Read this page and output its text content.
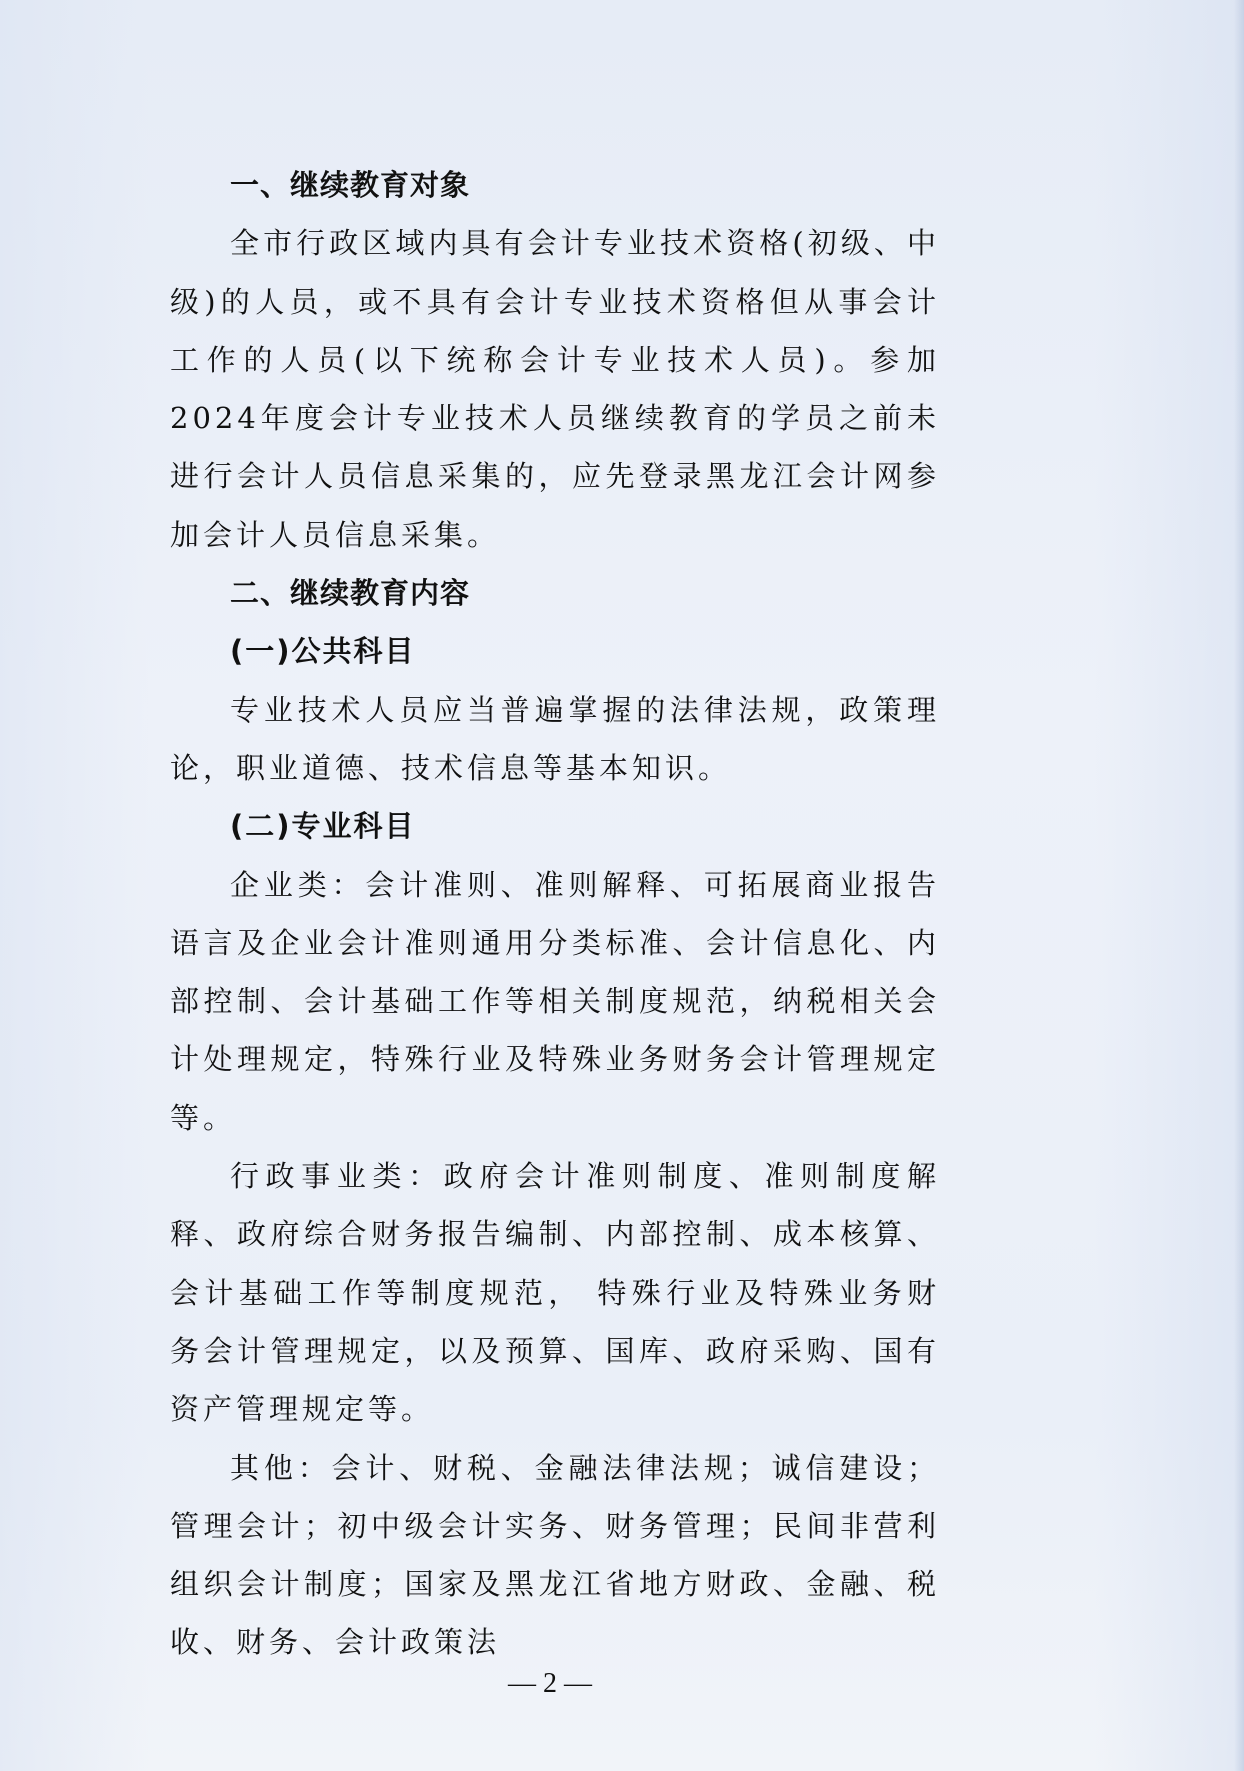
一、继续教育对象

全市行政区域内具有会计专业技术资格(初级、中级)的人员，或不具有会计专业技术资格但从事会计工作的人员(以下统称会计专业技术人员)。参加2024年度会计专业技术人员继续教育的学员之前未进行会计人员信息采集的，应先登录黑龙江会计网参加会计人员信息采集。

二、继续教育内容

(一)公共科目

专业技术人员应当普遍掌握的法律法规，政策理论，职业道德、技术信息等基本知识。

(二)专业科目

企业类：会计准则、准则解释、可拓展商业报告语言及企业会计准则通用分类标准、会计信息化、内部控制、会计基础工作等相关制度规范，纳税相关会计处理规定，特殊行业及特殊业务财务会计管理规定等。

行政事业类：政府会计准则制度、准则制度解释、政府综合财务报告编制、内部控制、成本核算、会计基础工作等制度规范， 特殊行业及特殊业务财务会计管理规定，以及预算、国库、政府采购、国有资产管理规定等。

其他：会计、财税、金融法律法规；诚信建设；管理会计；初中级会计实务、财务管理；民间非营利组织会计制度；国家及黑龙江省地方财政、金融、税收、财务、会计政策法

— 2 —
